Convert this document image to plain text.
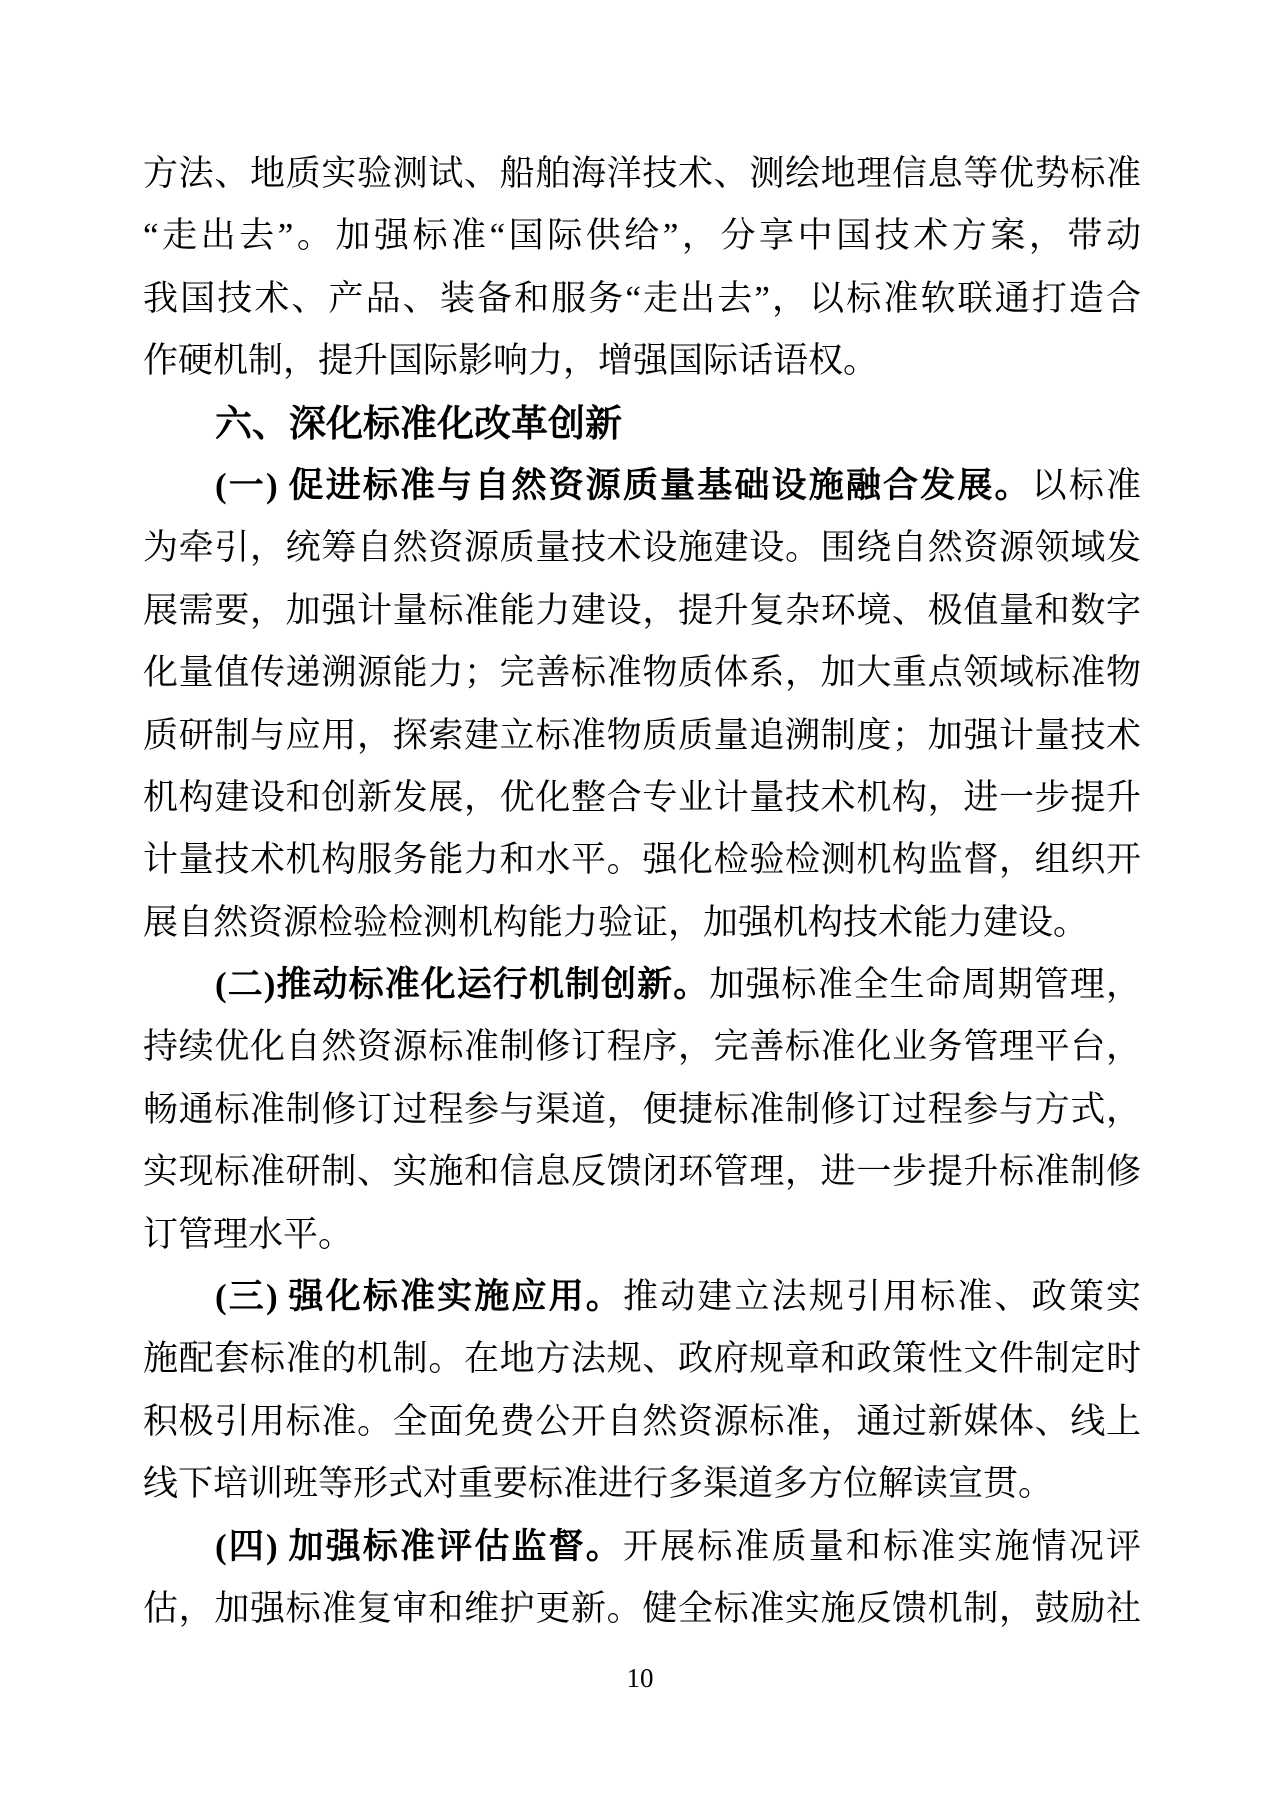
方法、地质实验测试、船舶海洋技术、测绘地理信息等优势标准
“走出去”。加强标准“国际供给”，分享中国技术方案，带动
我国技术、产品、装备和服务“走出去”，以标准软联通打造合
作硬机制，提升国际影响力，增强国际话语权。
六、深化标准化改革创新
(一) 促进标准与自然资源质量基础设施融合发展。以标准
为牵引，统筹自然资源质量技术设施建设。围绕自然资源领域发
展需要，加强计量标准能力建设，提升复杂环境、极值量和数字
化量值传递溯源能力；完善标准物质体系，加大重点领域标准物
质研制与应用，探索建立标准物质质量追溯制度；加强计量技术
机构建设和创新发展，优化整合专业计量技术机构，进一步提升
计量技术机构服务能力和水平。强化检验检测机构监督，组织开
展自然资源检验检测机构能力验证，加强机构技术能力建设。
(二)推动标准化运行机制创新。加强标准全生命周期管理，
持续优化自然资源标准制修订程序，完善标准化业务管理平台，
畅通标准制修订过程参与渠道，便捷标准制修订过程参与方式，
实现标准研制、实施和信息反馈闭环管理，进一步提升标准制修
订管理水平。
(三) 强化标准实施应用。推动建立法规引用标准、政策实
施配套标准的机制。在地方法规、政府规章和政策性文件制定时
积极引用标准。全面免费公开自然资源标准，通过新媒体、线上
线下培训班等形式对重要标准进行多渠道多方位解读宣贯。
(四) 加强标准评估监督。开展标准质量和标准实施情况评
估，加强标准复审和维护更新。健全标准实施反馈机制，鼓励社
10
